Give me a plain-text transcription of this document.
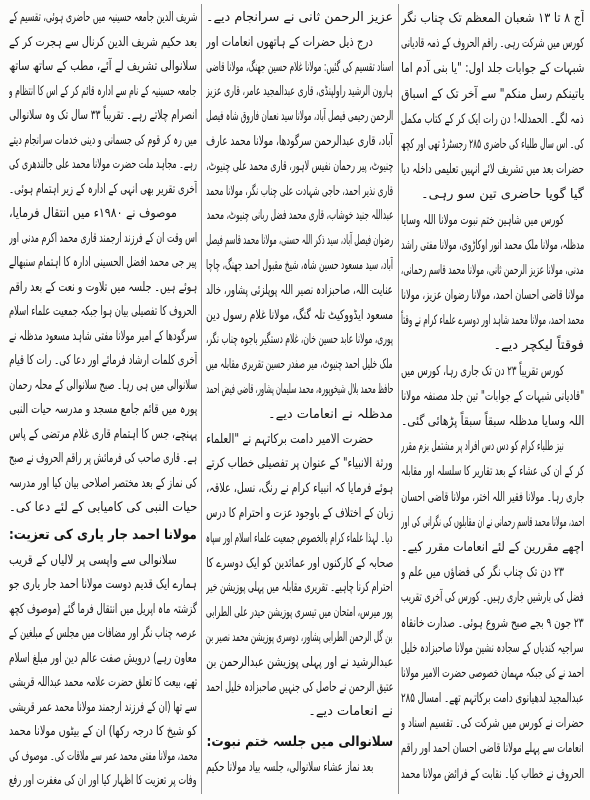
آج ۸ تا ۱۳ شعبان المعظم تک چناب نگر
کورس میں شرکت رہی۔ راقم الحروف کے ذمہ قادیانی
شبہات کے جوابات جلد اول: "یا بنی آدم اما
یاتینکم رسل منکم" سے آخر تک کے اسباق
ذمہ لگے۔ الحمدللہ! دن رات ایک کر کے کتاب مکمل
کی۔ اس سال طلباء کی حاضری ۲۸۵ رجسٹرڈ تھی اور کچھ
حضرات بعد میں تشریف لائے انہیں تعلیمی داخلہ دیا
گیا گویا حاضری تین سو رہی۔
کورس میں شاہین ختم نبوت مولانا اللہ وسایا
مدظلہ، مولانا ملک محمد انور اوکاڑوی، مولانا مفتی راشد
مدنی، مولانا عزیز الرحمن ثانی، مولانا محمد قاسم رحمانی،
مولانا قاضی احسان احمد، مولانا رضوان عزیز، مولانا
محمد احمد، مولانا محمد شاہد اور دوسرے علماء کرام نے وقتاً
فوقتاً لیکچر دیے۔
کورس تقریباً ۲۳ دن تک جاری رہا، کورس میں
"قادیانی شبہات کے جوابات" تین جلد مصنفہ مولانا
اللہ وسایا مدظلہ سبقاً سبقاً پڑھائی گئی۔
نیز طلباء کرام کو دس دس افراد پر مشتمل بزم مقرر
کر کے ان کی عشاء کے بعد تقاریر کا سلسلہ اور مقابلہ
جاری رہا۔ مولانا فقیر اللہ اختر، مولانا قاضی احسان
احمد، مولانا محمد قاسم رحمانی نے ان مقابلوں کی نگرانی کی اور
اچھے مقررین کے لئے انعامات مقرر کیے۔
۲۳ دن تک چناب نگر کی فضاؤں میں علم و
فضل کی بارشیں جاری رہیں۔ کورس کی آخری تقریب
۲۳ جون ۹ بجے صبح شروع ہوئی۔ صدارت خانقاہ
سراجیہ کندیاں کے سجادہ نشین مولانا صاحبزادہ خلیل
احمد نے کی جبکہ مہمان خصوصی حضرت الامیر مولانا
عبدالمجید لدھیانوی دامت برکاتہم تھے۔ امسال ۲۸۵
حضرات نے کورس میں شرکت کی۔ تقسیم اسناد و
انعامات سے پہلے مولانا قاضی احسان احمد اور راقم
الحروف نے خطاب کیا۔ نقابت کے فرائض مولانا محمد
عزیز الرحمن ثانی نے سرانجام دیے۔
درج ذیل حضرات کے ہاتھوں انعامات اور
اسناد تقسیم کی گئیں: مولانا غلام حسین جھنگ، مولانا قاضی
ہارون الرشید راولپنڈی، قاری عبدالمجید عامر، قاری عزیز
الرحمن رحیمی فیصل آباد، مولانا سید نعمان فاروق شاہ فیصل
آباد، قاری عبدالرحمن سرگودھا، مولانا محمد عارف
چنیوٹ، پیر رحمان نفیس لاہور، قاری محمد علی چنیوٹ،
قاری نذیر احمد، حاجی شہادت علی چناب نگر، مولانا محمد
عبداللہ جنید خوشاب، قاری محمد فضل ربانی چنیوٹ، محمد
رضوان فیصل آباد، سید ذکر اللہ حسنی، مولانا محمد قاسم فیصل
آباد، سید مسعود حسین شاہ، شیخ مقبول احمد جھنگ، چاچا
عنایت اللہ، صاحبزادہ نصیر اللہ پوپلزئی پشاور، خالد
مسعود ایڈووکیٹ تلہ گنگ، مولانا غلام رسول دین
پوری، مولانا عابد حسین خان، غلام دستگیر باجوہ چناب نگر،
ملک خلیل احمد چنیوٹ، میر صفدر حسین تقریری مقابلہ میں
حافظ محمد بلال شیخوپورہ، محمد سلیمان پشاور، قاضی فیض احمد
مدظلہ نے انعامات دیے۔
حضرت الامیر دامت برکاتہم نے "العلماء
ورثة الانبیاء" کے عنوان پر تفصیلی خطاب کرتے
ہوئے فرمایا کہ انبیاء کرام نے رنگ، نسل، علاقہ،
زبان کے اختلاف کے باوجود عزت و احترام کا درس
دیا۔ لہذا علماء کرام بالخصوص جمعیت علماء اسلام اور سپاہ
صحابہ کے کارکنوں اور عمائدین کو ایک دوسرے کا
احترام کرنا چاہیے۔ تقریری مقابلہ میں پہلی پوزیشن خیر
پور میرس، امتحان میں تیسری پوزیشن حیدر علی الطرابی
بن گل الرحمن الطرابی پشاور، دوسری پوزیشن محمد نصیر بن
عبدالرشید نے اور پہلی پوزیشن عبدالرحمن بن
عتیق الرحمن نے حاصل کی جنہیں صاحبزادہ خلیل احمد
نے انعامات دیے۔
سلانوالی میں جلسہ ختم نبوت:
بعد نماز عشاء سلانوالی، جلسہ بیاد مولانا حکیم
شریف الدین جامعہ حسینیہ میں حاضری ہوئی، تقسیم کے
بعد حکیم شریف الدین کرنال سے ہجرت کر کے
سلانوالی تشریف لے آئے، مطب کے ساتھ ساتھ
جامعہ حسینیہ کے نام سے ادارہ قائم کر کے اس کا انتظام و
انصرام چلاتے رہے۔ تقریباً ۳۳ سال تک وہ سلانوالی
میں رہ کر قوم کی جسمانی و دینی خدمات سرانجام دیتے
رہے۔ مجاہد ملت حضرت مولانا محمد علی جالندھری کی
آخری تقریر بھی انہی کے ادارہ کے زیر اہتمام ہوئی۔
موصوف نے ۱۹۸۰ء میں انتقال فرمایا،
اس وقت ان کے فرزند ارجمند قاری محمد اکرم مدنی اور
پیر جی محمد افضل الحسینی ادارہ کا اہتمام سنبھالے
ہوئے ہیں۔ جلسہ میں تلاوت و نعت کے بعد راقم
الحروف کا تفصیلی بیان ہوا جبکہ جمعیت علماء اسلام
سرگودھا کے امیر مولانا مفتی شاہد مسعود مدظلہ نے
آخری کلمات ارشاد فرمائے اور دعا کی۔ رات کا قیام
سلانوالی میں ہی رہا۔ صبح سلانوالی کے محلہ رحمان
پورہ میں قائم جامع مسجد و مدرسہ حیات النبی
پہنچے، جس کا اہتمام قاری غلام مرتضی کے پاس
ہے۔ قاری صاحب کی فرمائش پر راقم الحروف نے صبح
کی نماز کے بعد مختصر اصلاحی بیان کیا اور مدرسہ
حیات النبی کی کامیابی کے لئے دعا کی۔
مولانا احمد جار یاری کی تعزیت:
سلانوالی سے واپسی پر لالیاں کے قریب
ہمارے ایک قدیم دوست مولانا احمد جار یاری جو
گزشتہ ماہ اپریل میں انتقال فرما گئے (موصوف کچھ
عرصہ چناب نگر اور مضافات میں مجلس کے مبلغین کے
معاون رہے) درویش صفت عالم دین اور مبلغ اسلام
تھے، بیعت کا تعلق حضرت علامہ محمد عبداللہ قریشی
سے تھا (ان کے فرزند ارجمند مولانا محمد عمر قریشی
کو شیخ کا درجہ رکھا) ان کے بیٹوں مولانا محمد
محمد، مولانا مفتی محمد عمر سے ملاقات کی۔ موصوف کی
وفات پر تعزیت کا اظہار کیا اور ان کی مغفرت اور رفع
